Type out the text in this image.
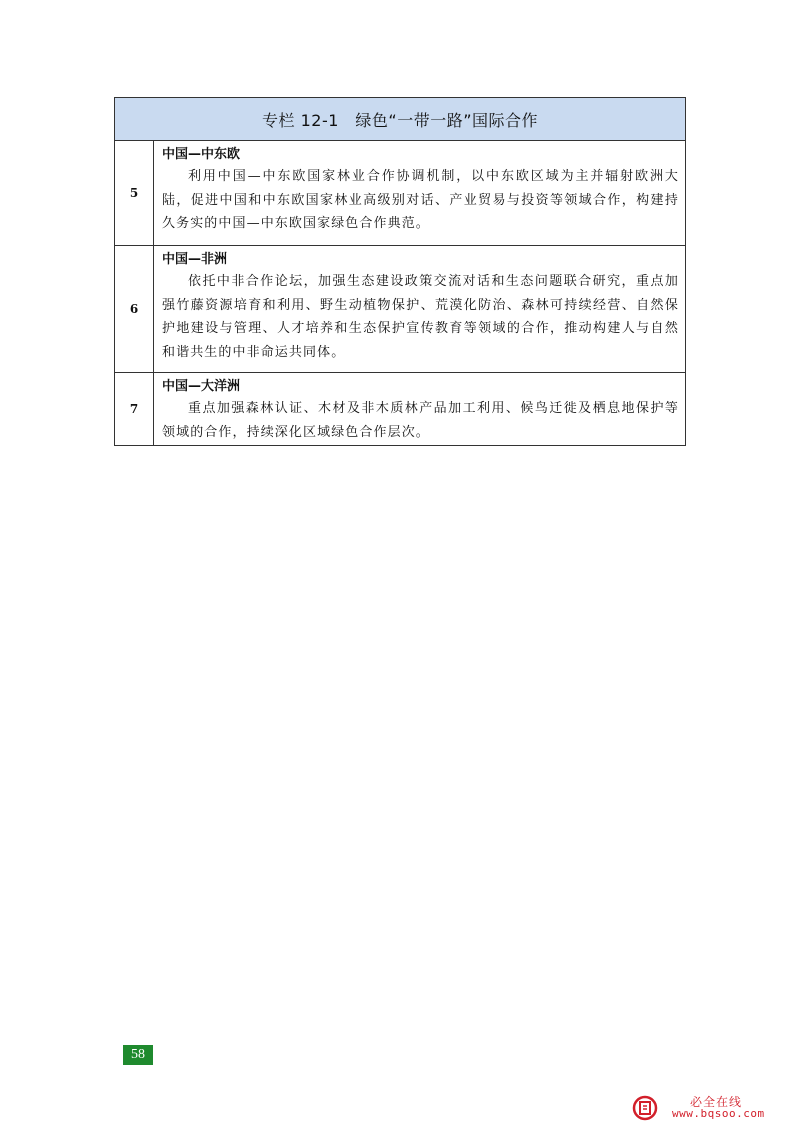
专栏 12-1　绿色“一带一路”国际合作
5
中国—中东欧
利用中国—中东欧国家林业合作协调机制，以中东欧区域为主并辐射欧洲大陆，促进中国和中东欧国家林业高级别对话、产业贸易与投资等领域合作，构建持久务实的中国—中东欧国家绿色合作典范。
6
中国—非洲
依托中非合作论坛，加强生态建设政策交流对话和生态问题联合研究，重点加强竹藤资源培育和利用、野生动植物保护、荒漠化防治、森林可持续经营、自然保护地建设与管理、人才培养和生态保护宣传教育等领域的合作，推动构建人与自然和谐共生的中非命运共同体。
7
中国—大洋洲
重点加强森林认证、木材及非木质林产品加工利用、候鸟迁徙及栖息地保护等领域的合作，持续深化区域绿色合作层次。
58
必全在线
www.bqsoo.com
